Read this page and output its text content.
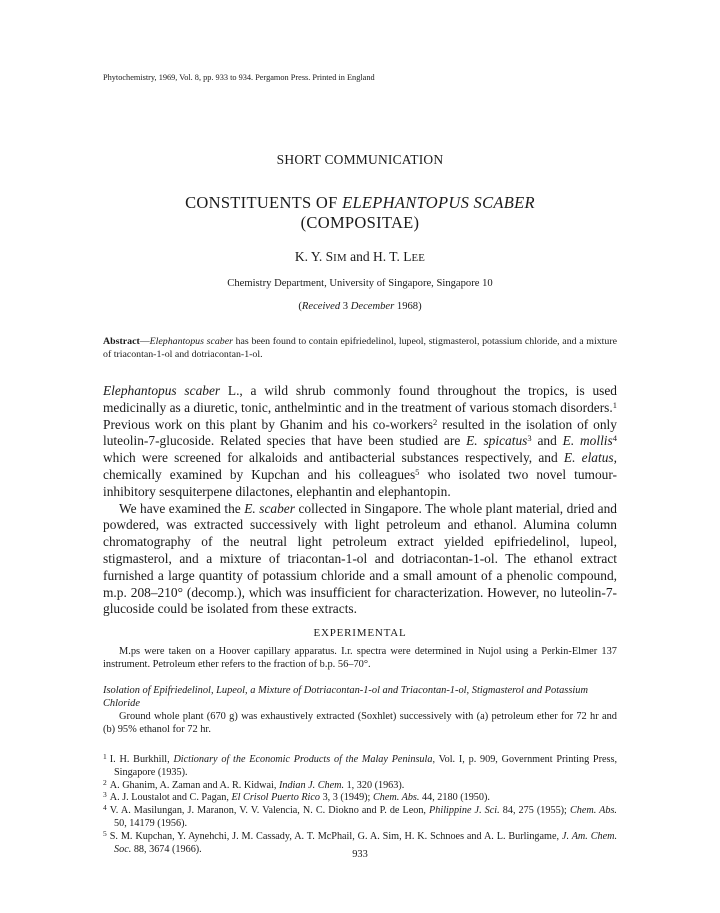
Phytochemistry, 1969, Vol. 8, pp. 933 to 934. Pergamon Press. Printed in England
SHORT COMMUNICATION
CONSTITUENTS OF ELEPHANTOPUS SCABER
(COMPOSITAE)
K. Y. SIM and H. T. LEE
Chemistry Department, University of Singapore, Singapore 10
(Received 3 December 1968)
Abstract—Elephantopus scaber has been found to contain epifriedelinol, lupeol, stigmasterol, potassium chloride, and a mixture of triacontan-1-ol and dotriacontan-1-ol.

Elephantopus scaber L., a wild shrub commonly found throughout the tropics, is used medicinally as a diuretic, tonic, anthelmintic and in the treatment of various stomach disorders.$^1$ Previous work on this plant by Ghanim and his co-workers$^2$ resulted in the isolation of only luteolin-7-glucoside. Related species that have been studied are E. spicatus$^3$ and E. mollis$^4$ which were screened for alkaloids and antibacterial substances respectively, and E. elatus, chemically examined by Kupchan and his colleagues$^5$ who isolated two novel tumour-inhibitory sesquiterpene dilactones, elephantin and elephantopin.

We have examined the E. scaber collected in Singapore. The whole plant material, dried and powdered, was extracted successively with light petroleum and ethanol. Alumina column chromatography of the neutral light petroleum extract yielded epifriedelinol, lupeol, stigmasterol, and a mixture of triacontan-1-ol and dotriacontan-1-ol. The ethanol extract furnished a large quantity of potassium chloride and a small amount of a phenolic compound, m.p. 208–210° (decomp.), which was insufficient for characterization. However, no luteolin-7-glucoside could be isolated from these extracts.

EXPERIMENTAL
M.ps were taken on a Hoover capillary apparatus. I.r. spectra were determined in Nujol using a Perkin-Elmer 137 instrument. Petroleum ether refers to the fraction of b.p. 56–70°.
Isolation of Epifriedelinol, Lupeol, a Mixture of Dotriacontan-1-ol and Triacontan-1-ol, Stigmasterol and Potassium Chloride
Ground whole plant (670 g) was exhaustively extracted (Soxhlet) successively with (a) petroleum ether for 72 hr and (b) 95% ethanol for 72 hr.

$^1$ I. H. Burkhill, Dictionary of the Economic Products of the Malay Peninsula, Vol. I, p. 909, Government Printing Press, Singapore (1935).

$^2$ A. Ghanim, A. Zaman and A. R. Kidwai, Indian J. Chem. 1, 320 (1963).

$^3$ A. J. Loustalot and C. Pagan, El Crisol Puerto Rico 3, 3 (1949); Chem. Abs. 44, 2180 (1950).

$^4$ V. A. Masilungan, J. Maranon, V. V. Valencia, N. C. Diokno and P. de Leon, Philippine J. Sci. 84, 275 (1955); Chem. Abs. 50, 14179 (1956).

$^5$ S. M. Kupchan, Y. Aynehchi, J. M. Cassady, A. T. McPhail, G. A. Sim, H. K. Schnoes and A. L. Burlingame, J. Am. Chem. Soc. 88, 3674 (1966).	933
